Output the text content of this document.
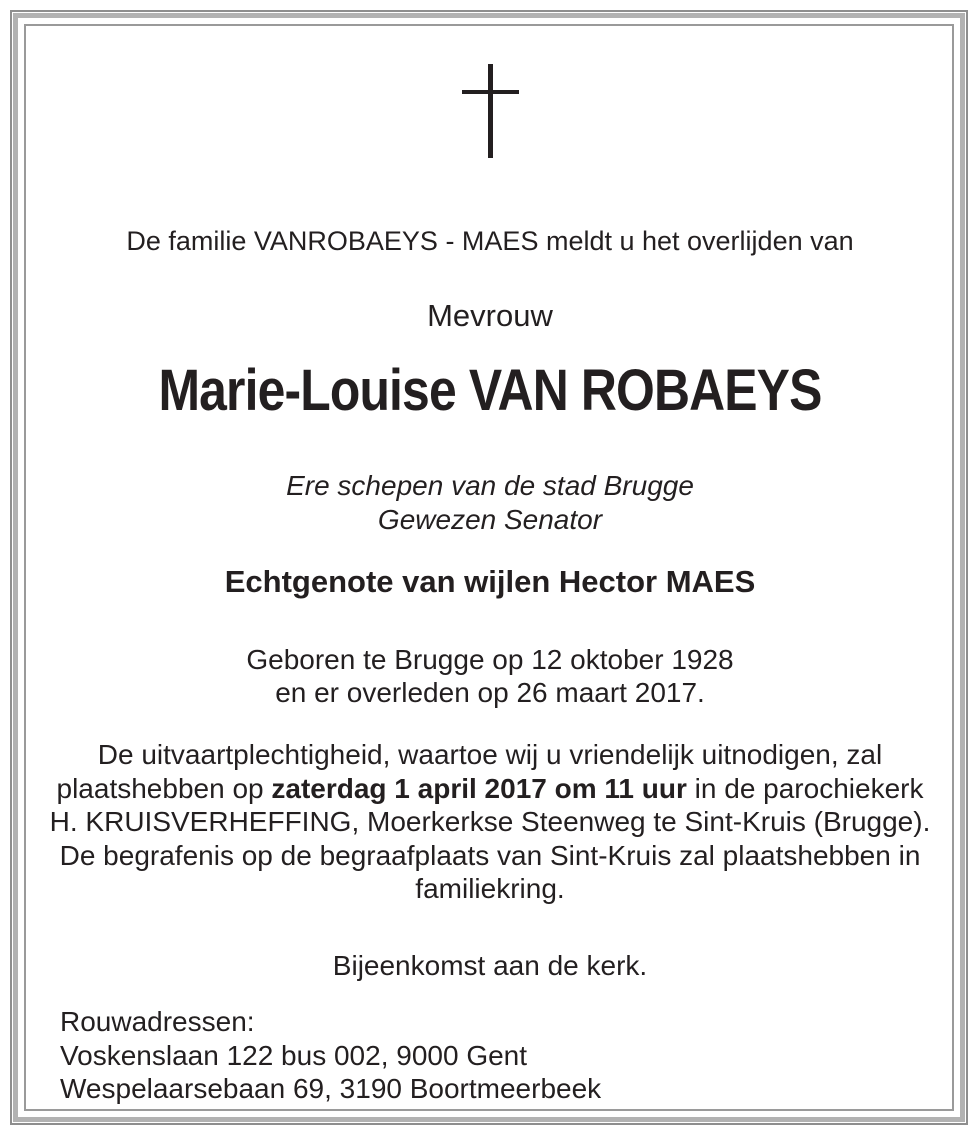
De familie VANROBAEYS - MAES meldt u het overlijden van
Mevrouw
Marie-Louise VAN ROBAEYS
Ere schepen van de stad Brugge
Gewezen Senator
Echtgenote van wijlen Hector MAES
Geboren te Brugge op 12 oktober 1928
en er overleden op 26 maart 2017.
De uitvaartplechtigheid, waartoe wij u vriendelijk uitnodigen, zal plaatshebben op zaterdag 1 april 2017 om 11 uur in de parochiekerk H. KRUISVERHEFFING, Moerkerkse Steenweg te Sint-Kruis (Brugge). De begrafenis op de begraafplaats van Sint-Kruis zal plaatshebben in familiekring.
Bijeenkomst aan de kerk.
Rouwadressen:
Voskenslaan 122 bus 002, 9000 Gent
Wespelaarsebaan 69, 3190 Boortmeerbeek
